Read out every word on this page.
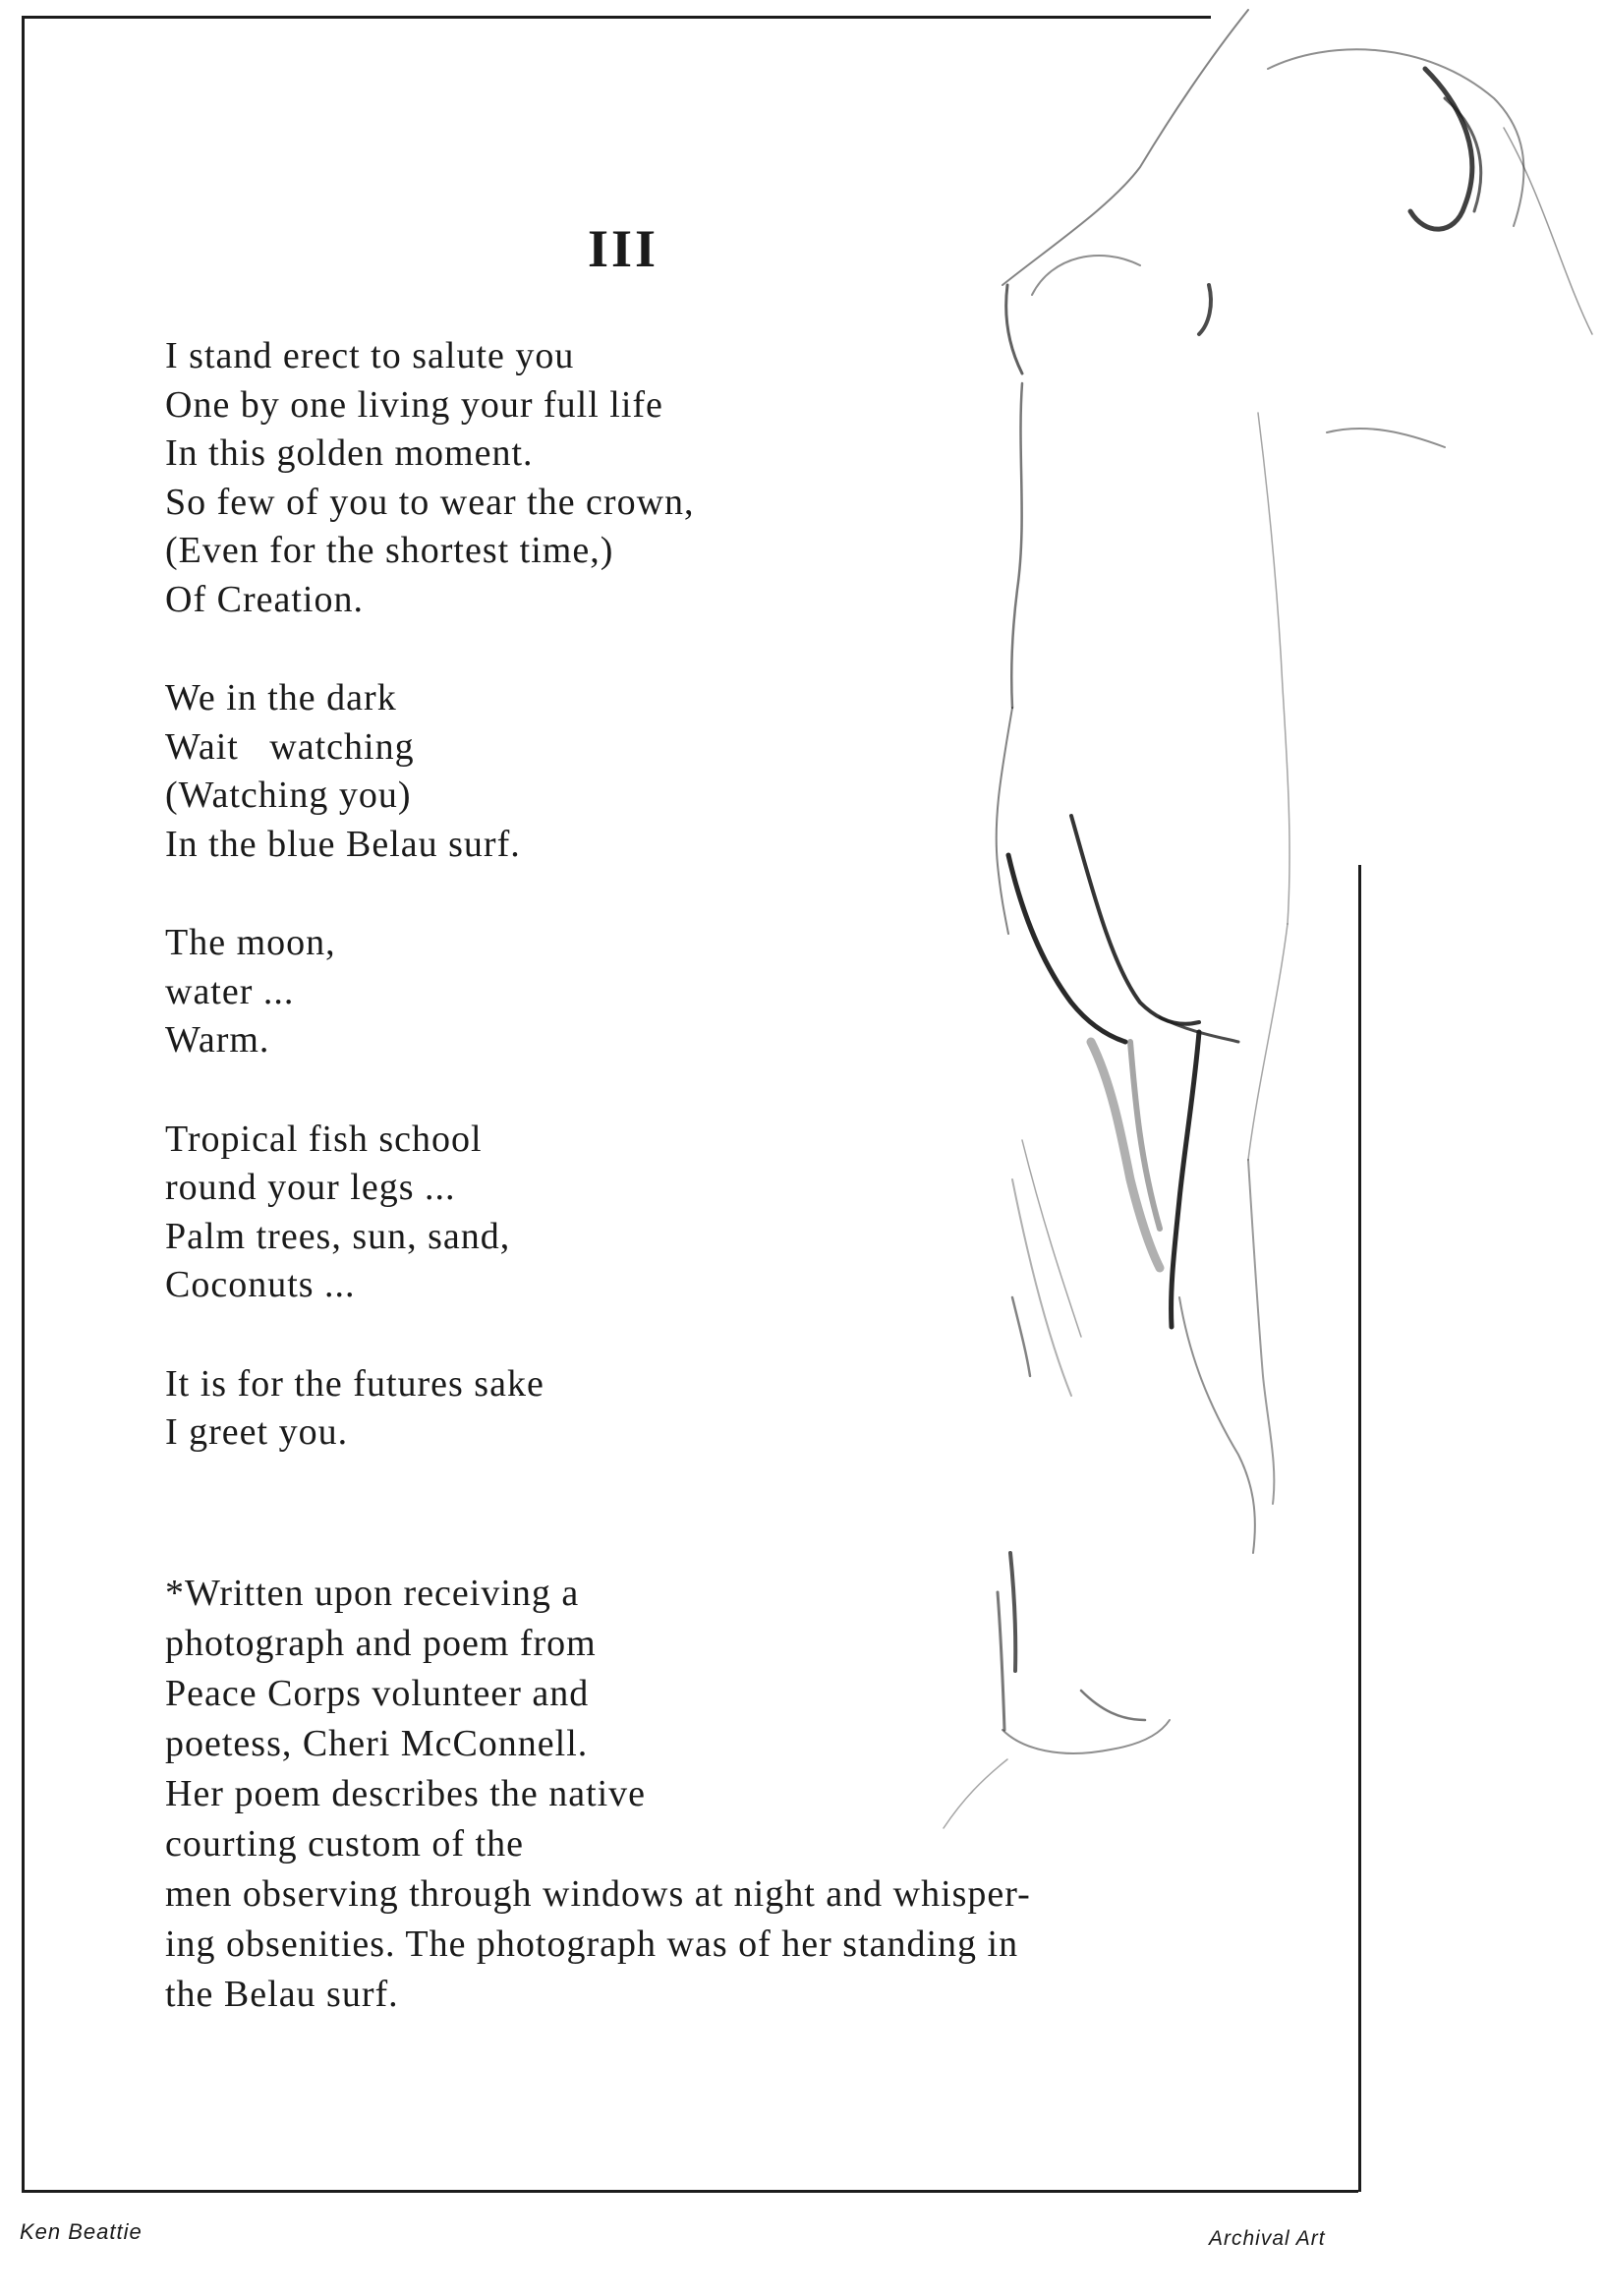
III
I stand erect to salute you
One by one living your full life
In this golden moment.
So few of you to wear the crown,
(Even for the shortest time,)
Of Creation.
We in the dark
Wait   watching
(Watching you)
In the blue Belau surf.
The moon,
water ...
Warm.
Tropical fish school
round your legs ...
Palm trees, sun, sand,
Coconuts ...
It is for the futures sake
I greet you.
*Written upon receiving a
photograph and poem from
Peace Corps volunteer and
poetess, Cheri McConnell.
Her poem describes the native
courting custom of the
men observing through windows at night and whisper-
ing obsenities. The photograph was of her standing in
the Belau surf.
Ken Beattie	Archival Art
